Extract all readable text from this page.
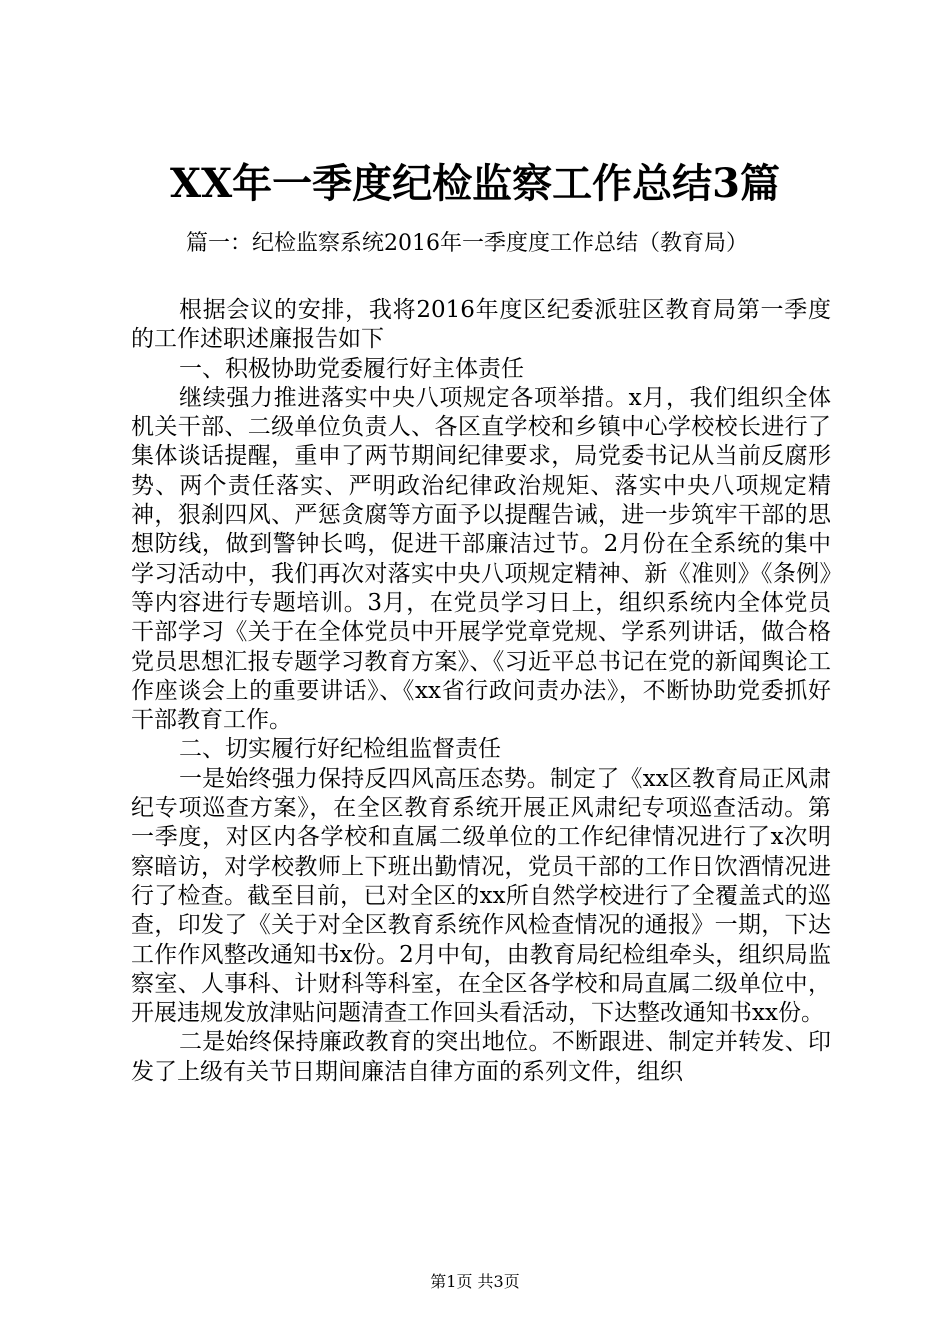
XX年一季度纪检监察工作总结3篇
篇一：纪检监察系统2016年一季度度工作总结（教育局）

根据会议的安排，我将2016年度区纪委派驻区教育局第一季度的工作述职述廉报告如下

一、积极协助党委履行好主体责任

继续强力推进落实中央八项规定各项举措。x月，我们组织全体机关干部、二级单位负责人、各区直学校和乡镇中心学校校长进行了集体谈话提醒，重申了两节期间纪律要求，局党委书记从当前反腐形势、两个责任落实、严明政治纪律政治规矩、落实中央八项规定精神，狠刹四风、严惩贪腐等方面予以提醒告诫，进一步筑牢干部的思想防线，做到警钟长鸣，促进干部廉洁过节。2月份在全系统的集中学习活动中，我们再次对落实中央八项规定精神、新《准则》《条例》等内容进行专题培训。3月，在党员学习日上，组织系统内全体党员干部学习《关于在全体党员中开展学党章党规、学系列讲话，做合格党员思想汇报专题学习教育方案》、《习近平总书记在党的新闻舆论工作座谈会上的重要讲话》、《xx省行政问责办法》，不断协助党委抓好干部教育工作。

二、切实履行好纪检组监督责任

一是始终强力保持反四风高压态势。制定了《xx区教育局正风肃纪专项巡查方案》，在全区教育系统开展正风肃纪专项巡查活动。第一季度，对区内各学校和直属二级单位的工作纪律情况进行了x次明察暗访，对学校教师上下班出勤情况，党员干部的工作日饮酒情况进行了检查。截至目前，已对全区的xx所自然学校进行了全覆盖式的巡查，印发了《关于对全区教育系统作风检查情况的通报》一期，下达工作作风整改通知书x份。2月中旬，由教育局纪检组牵头，组织局监察室、人事科、计财科等科室，在全区各学校和局直属二级单位中，开展违规发放津贴问题清查工作回头看活动，下达整改通知书xx份。

二是始终保持廉政教育的突出地位。不断跟进、制定并转发、印发了上级有关节日期间廉洁自律方面的系列文件，组织

第1页 共3页
